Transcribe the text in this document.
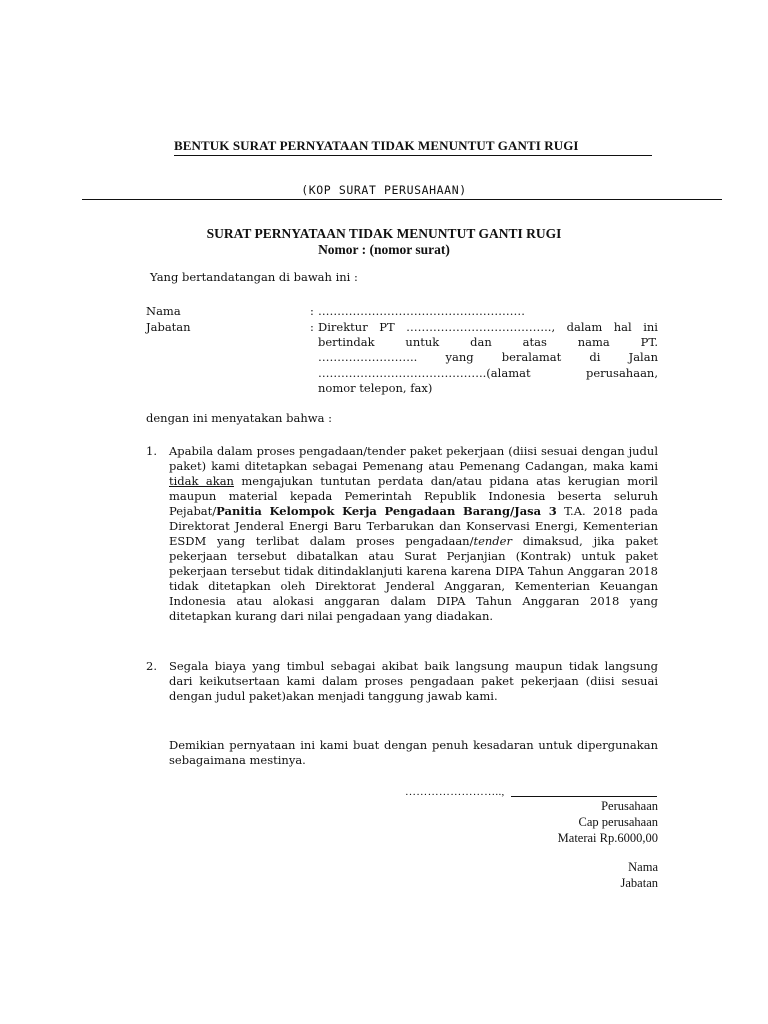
BENTUK SURAT PERNYATAAN TIDAK MENUNTUT GANTI RUGI
(KOP SURAT PERUSAHAAN)
SURAT PERNYATAAN TIDAK MENUNTUT GANTI RUGI
Nomor : (nomor surat)
Yang bertandatangan di bawah ini :
Nama	: ………………………………………………
Jabatan	: Direktur PT ……………………………….., dalam hal ini
bertindak untuk dan atas nama PT.
…………………….. yang beralamat di Jalan
……………………………………..(alamat perusahaan,
nomor telepon, fax)
dengan ini menyatakan bahwa :
1. Apabila dalam proses pengadaan/tender paket pekerjaan (diisi sesuai dengan judul paket) kami ditetapkan sebagai Pemenang atau Pemenang Cadangan, maka kami tidak akan mengajukan tuntutan perdata dan/atau pidana atas kerugian moril maupun material kepada Pemerintah Republik Indonesia beserta seluruh Pejabat/Panitia Kelompok Kerja Pengadaan Barang/Jasa 3 T.A. 2018 pada Direktorat Jenderal Energi Baru Terbarukan dan Konservasi Energi, Kementerian ESDM yang terlibat dalam proses pengadaan/tender dimaksud, jika paket pekerjaan tersebut dibatalkan atau Surat Perjanjian (Kontrak) untuk paket pekerjaan tersebut tidak ditindaklanjuti karena karena DIPA Tahun Anggaran 2018 tidak ditetapkan oleh Direktorat Jenderal Anggaran, Kementerian Keuangan Indonesia atau alokasi anggaran dalam DIPA Tahun Anggaran 2018 yang ditetapkan kurang dari nilai pengadaan yang diadakan.
2. Segala biaya yang timbul sebagai akibat baik langsung maupun tidak langsung dari keikutsertaan kami dalam proses pengadaan paket pekerjaan (diisi sesuai dengan judul paket)akan menjadi tanggung jawab kami.
Demikian pernyataan ini kami buat dengan penuh kesadaran untuk dipergunakan sebagaimana mestinya.
……………………..,
Perusahaan
Cap perusahaan
Materai Rp.6000,00
Nama
Jabatan
